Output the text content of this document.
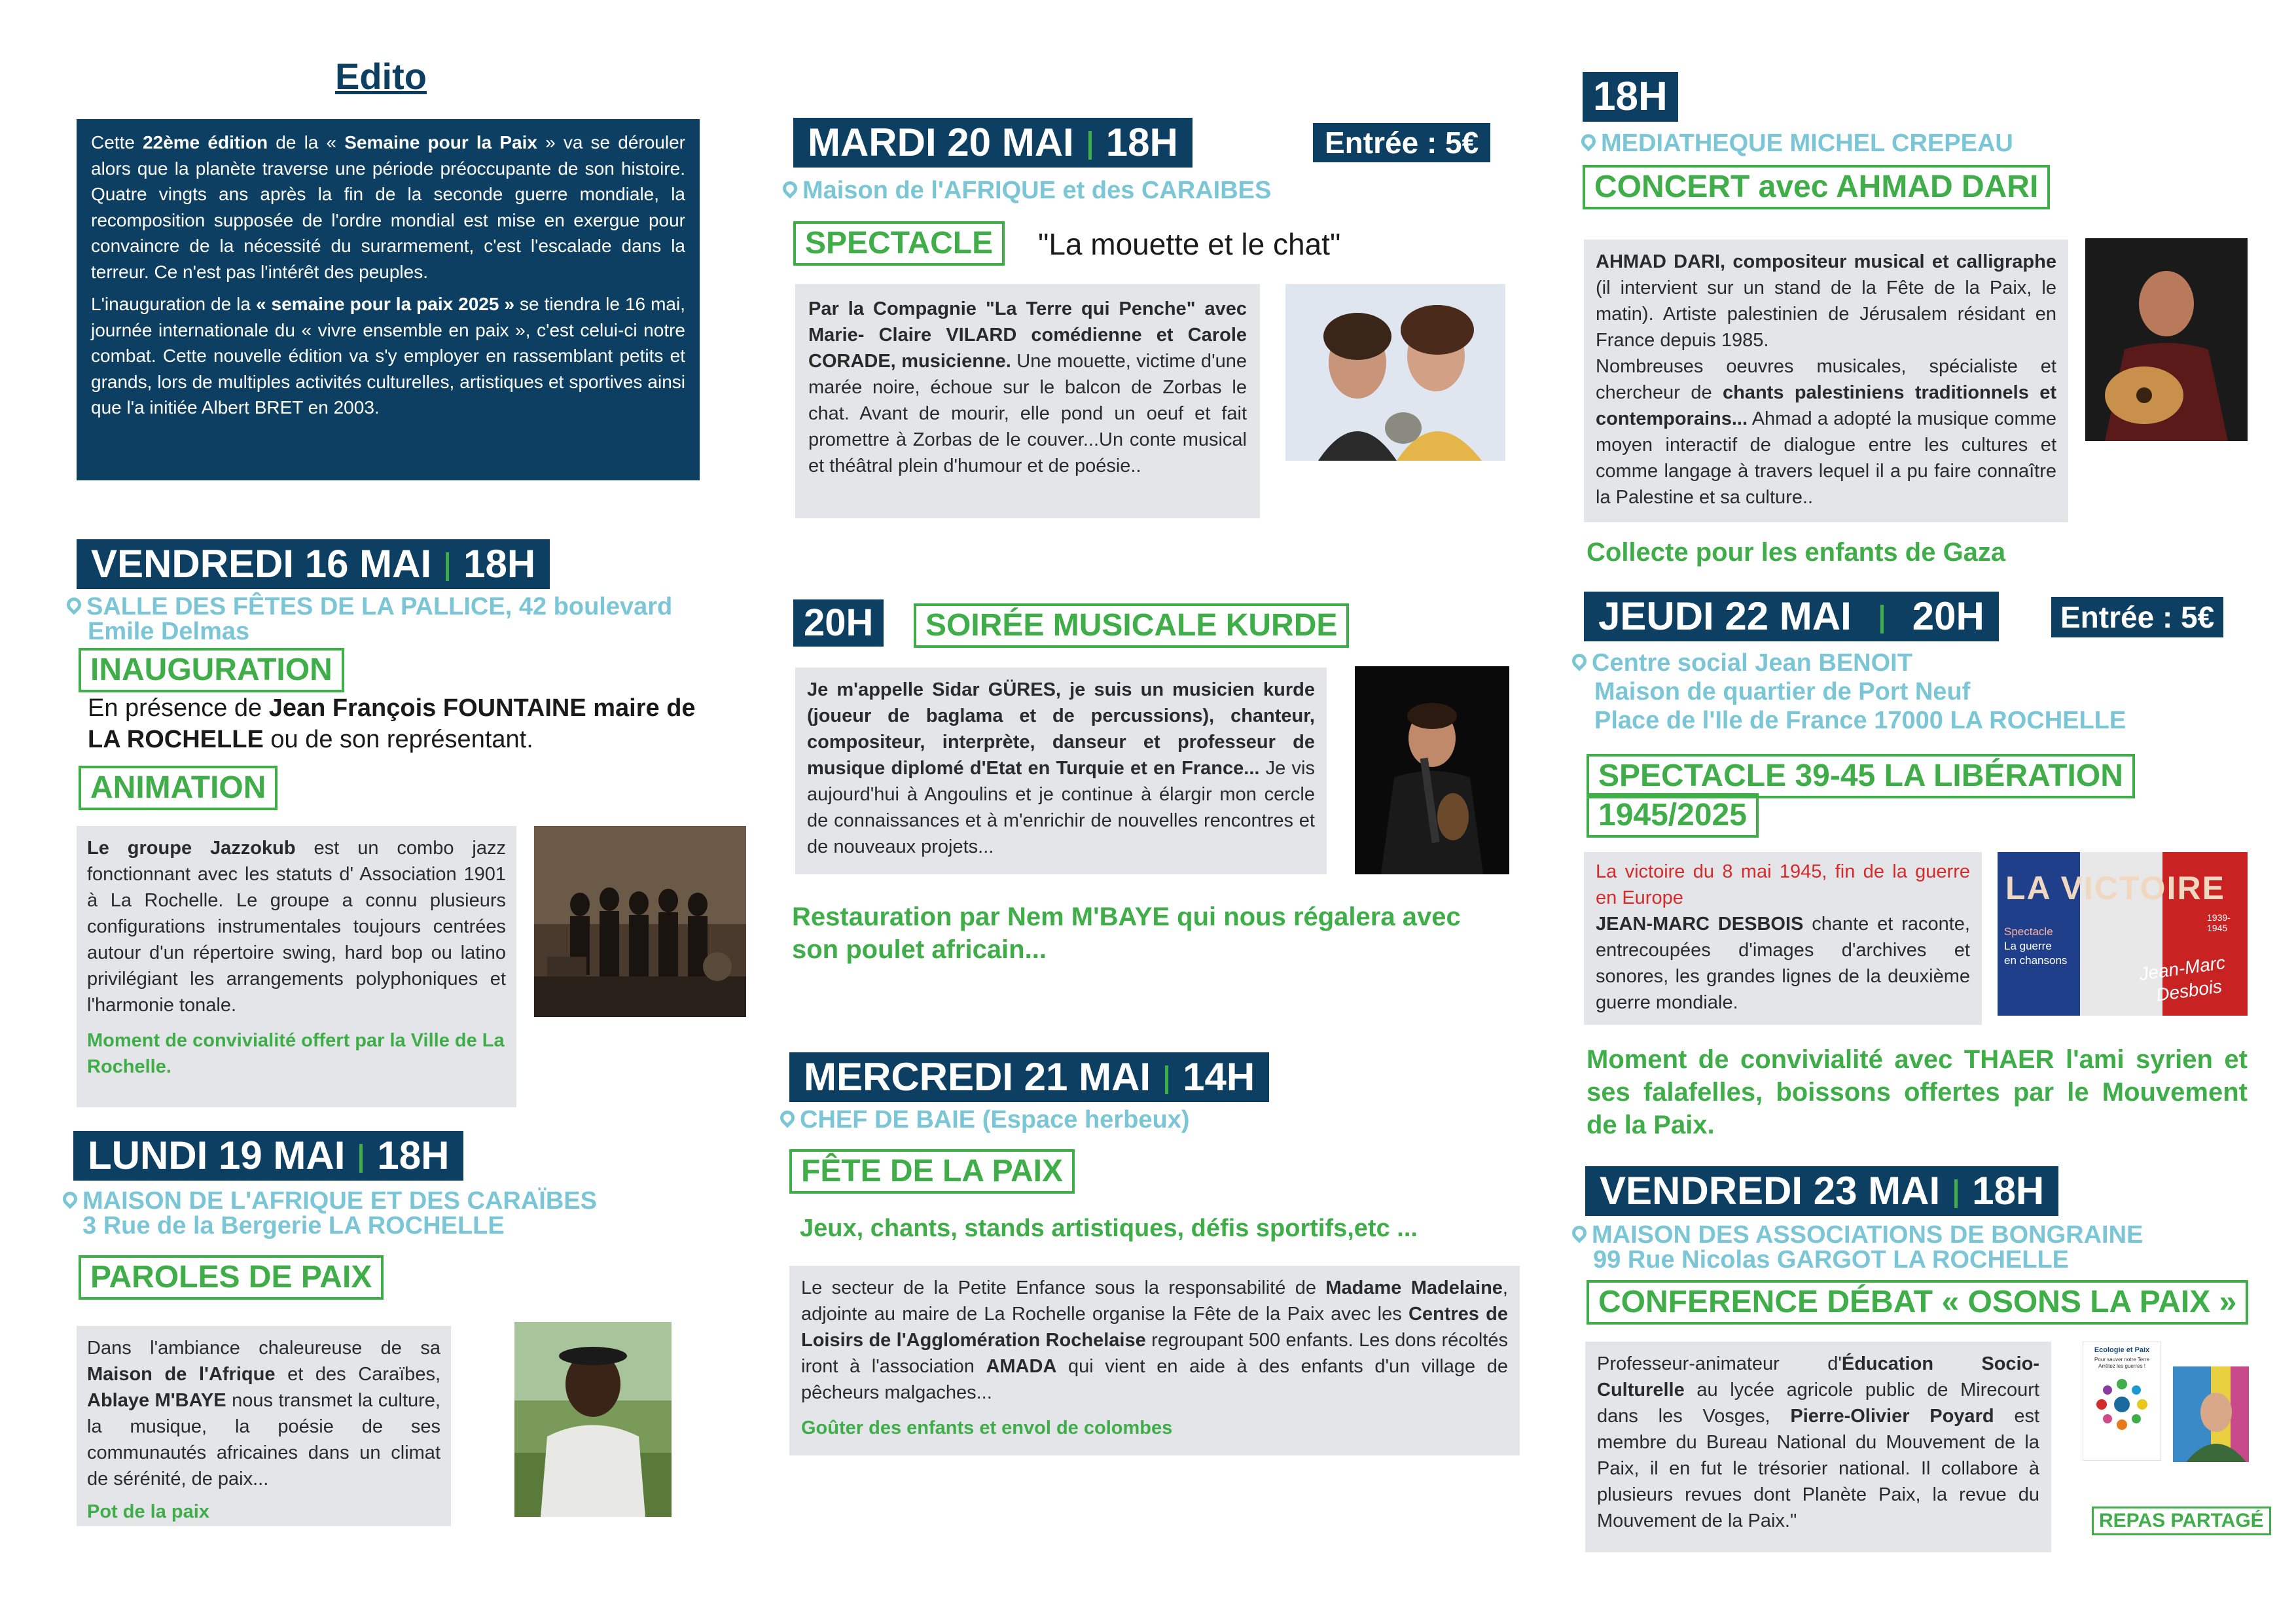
Edito

Cette 22ème édition de la « Semaine pour la Paix » va se dérouler alors que la planète traverse une période préoccupante de son histoire. Quatre vingts ans après la fin de la seconde guerre mondiale, la recomposition supposée de l'ordre mondial est mise en exergue pour convaincre de la nécessité du surarmement, c'est l'escalade dans la terreur. Ce n'est pas l'intérêt des peuples.

L'inauguration de la « semaine pour la paix 2025 » se tiendra le 16 mai, journée internationale du « vivre ensemble en paix », c'est celui-ci notre combat. Cette nouvelle édition va s'y employer en rassemblant petits et grands, lors de multiples activités culturelles, artistiques et sportives ainsi que l'a initiée Albert BRET en 2003.

VENDREDI 16 MAI 18H
SALLE DES FÊTES DE LA PALLICE, 42 boulevard
Emile Delmas
INAUGURATION
En présence de Jean François FOUNTAINE maire de LA ROCHELLE ou de son représentant.
ANIMATION

Le groupe Jazzokub est un combo jazz fonctionnant avec les statuts d' Association 1901 à La Rochelle. Le groupe a connu plusieurs configurations instrumentales toujours centrées autour d'un répertoire swing, hard bop ou latino privilégiant les arrangements polyphoniques et l'harmonie tonale.

Moment de convivialité offert par la Ville de La Rochelle.

LUNDI 19 MAI 18H
MAISON DE L'AFRIQUE ET DES CARAÏBES
3 Rue de la Bergerie LA ROCHELLE
PAROLES DE PAIX

Dans l'ambiance chaleureuse de sa Maison de l'Afrique et des Caraïbes, Ablaye M'BAYE nous transmet la culture, la musique, la poésie de ses communautés africaines dans un climat de sérénité, de paix...

Pot de la paix

MARDI 20 MAI 18H	Entrée : 5€
Maison de l'AFRIQUE et des CARAIBES
SPECTACLE	"La mouette et le chat"

Par la Compagnie "La Terre qui Penche" avec Marie- Claire VILARD comédienne et Carole CORADE, musicienne. Une mouette, victime d'une marée noire, échoue sur le balcon de Zorbas le chat. Avant de mourir, elle pond un oeuf et fait promettre à Zorbas de le couver...Un conte musical et théâtral plein d'humour et de poésie..

20H	SOIRÉE MUSICALE KURDE

Je m'appelle Sidar GÜRES, je suis un musicien kurde (joueur de baglama et de percussions), chanteur, compositeur, interprète, danseur et professeur de musique diplomé d'Etat en Turquie et en France... Je vis aujourd'hui à Angoulins et je continue à élargir mon cercle de connaissances et à m'enrichir de nouvelles rencontres et de nouveaux projets...

Restauration par Nem M'BAYE qui nous régalera avec son poulet africain...
MERCREDI 21 MAI 14H
CHEF DE BAIE (Espace herbeux)
FÊTE DE LA PAIX
Jeux, chants, stands artistiques, défis sportifs,etc ...

Le secteur de la Petite Enfance sous la responsabilité de Madame Madelaine, adjointe au maire de La Rochelle organise la Fête de la Paix avec les Centres de Loisirs de l'Agglomération Rochelaise regroupant 500 enfants. Les dons récoltés iront à l'association AMADA qui vient en aide à des enfants d'un village de pêcheurs malgaches...

Goûter des enfants et envol de colombes

18H
MEDIATHEQUE MICHEL CREPEAU
CONCERT avec AHMAD DARI

AHMAD DARI, compositeur musical et calligraphe (il intervient sur un stand de la Fête de la Paix, le matin). Artiste palestinien de Jérusalem résidant en France depuis 1985.

Nombreuses oeuvres musicales, spécialiste et chercheur de chants palestiniens traditionnels et contemporains... Ahmad a adopté la musique comme moyen interactif de dialogue entre les cultures et comme langage à travers lequel il a pu faire connaître la Palestine et sa culture..

Collecte pour les enfants de Gaza
JEUDI 22 MAI 20H	Entrée : 5€
Centre social Jean BENOIT
Maison de quartier de Port Neuf
Place de l'Ile de France 17000 LA ROCHELLE
SPECTACLE 39-45 LA LIBÉRATION
1945/2025

La victoire du 8 mai 1945, fin de la guerre en Europe

JEAN-MARC DESBOIS chante et raconte, entrecoupées d'images d'archives et sonores, les grandes lignes de la deuxième guerre mondiale.

LA VICTOIRE
1939-1945
Spectacle
La guerre
en chansons	Jean-Marc
Desbois
Moment de convivialité avec THAER l'ami syrien et ses falafelles, boissons offertes par le Mouvement de la Paix.
VENDREDI 23 MAI 18H
MAISON DES ASSOCIATIONS DE BONGRAINE
99 Rue Nicolas GARGOT LA ROCHELLE
CONFERENCE DÉBAT « OSONS LA PAIX »

Professeur-animateur d'Éducation Socio-Culturelle au lycée agricole public de Mirecourt dans les Vosges, Pierre-Olivier Poyard est membre du Bureau National du Mouvement de la Paix, il en fut le trésorier national. Il collabore à plusieurs revues dont Planète Paix, la revue du Mouvement de la Paix."

Ecologie et Paix
Pour sauver notre Terre
Arrêtez les guerres !
REPAS PARTAGÉ
